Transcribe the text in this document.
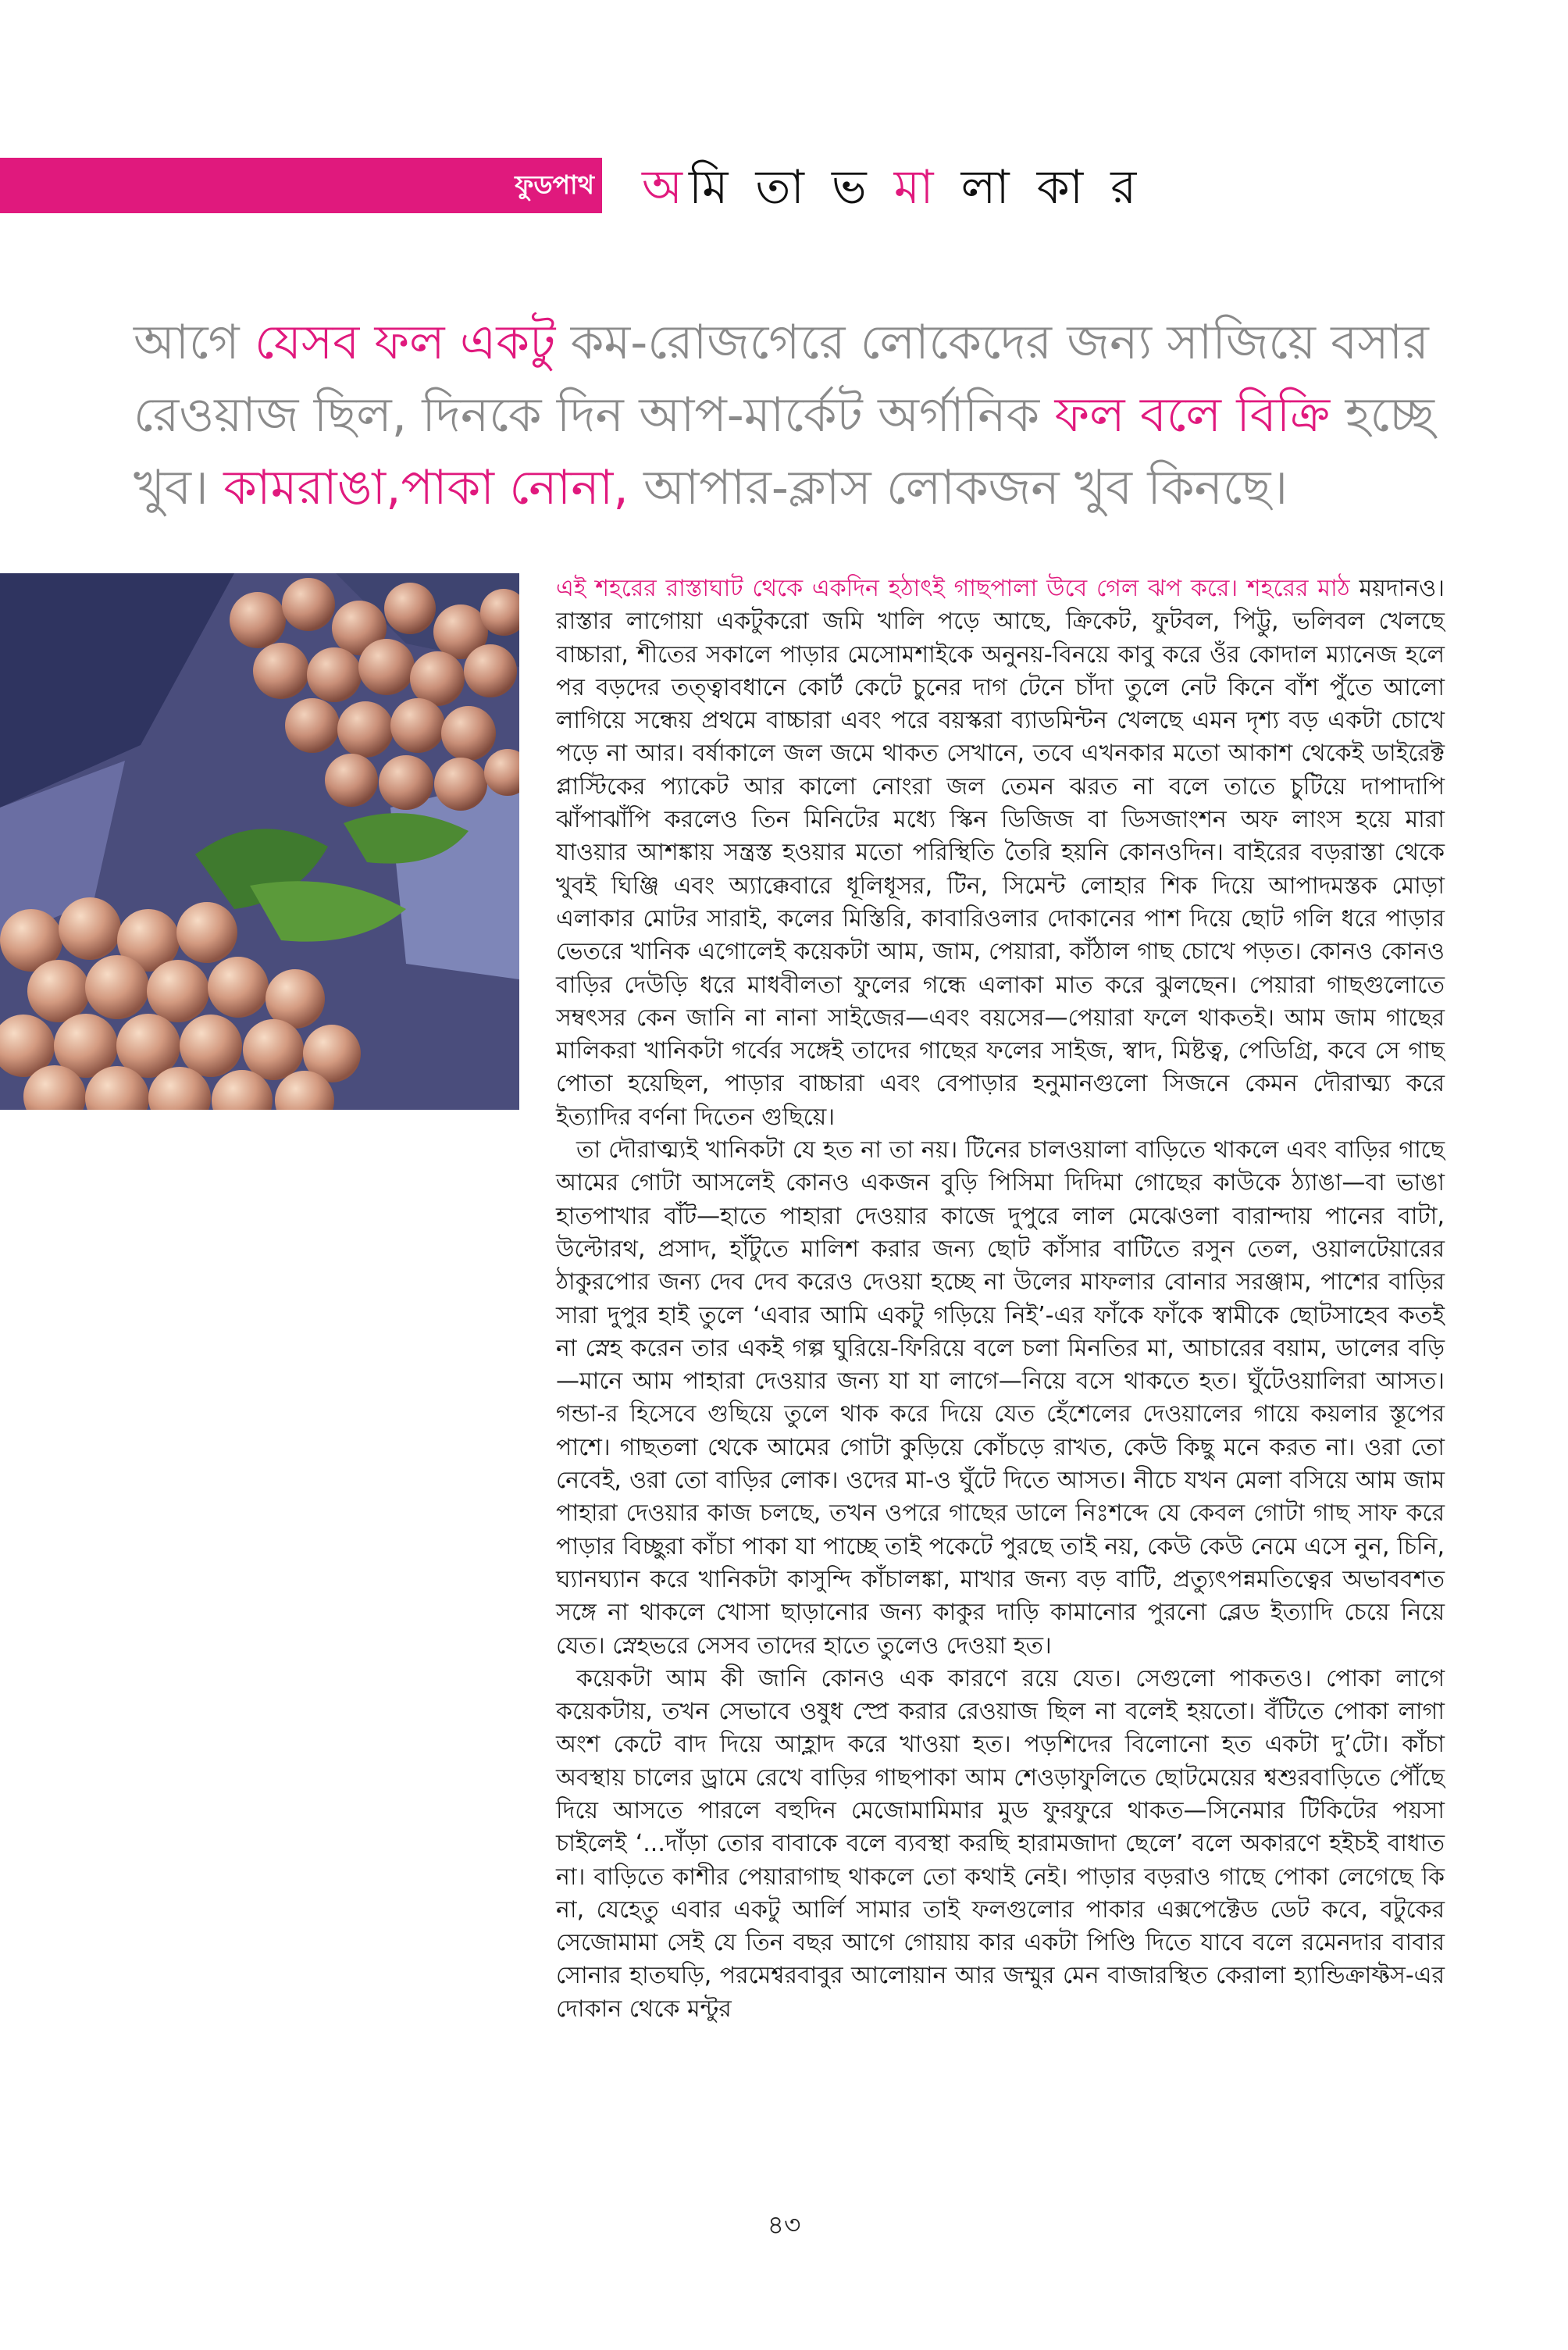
ফুডপাথ অমি তা ভ মা লা কা র
আগে যেসব ফল একটু কম-রোজগেরে লোকেদের জন্য সাজিয়ে বসার রেওয়াজ ছিল, দিনকে দিন আপ-মার্কেট অর্গানিক ফল বলে বিক্রি হচ্ছে খুব। কামরাঙা,পাকা নোনা, আপার-ক্লাস লোকজন খুব কিনছে।

এই শহরের রাস্তাঘাট থেকে একদিন হঠাৎই গাছপালা উবে গেল ঝপ করে। শহরের মাঠ ময়দানও। রাস্তার লাগোয়া একটুকরো জমি খালি পড়ে আছে, ক্রিকেট, ফুটবল, পিট্টু, ভলিবল খেলছে বাচ্চারা, শীতের সকালে পাড়ার মেসোমশাইকে অনুনয়-বিনয়ে কাবু করে ওঁর কোদাল ম্যানেজ হলে পর বড়দের তত্ত্বাবধানে কোর্ট কেটে চুনের দাগ টেনে চাঁদা তুলে নেট কিনে বাঁশ পুঁতে আলো লাগিয়ে সন্ধেয় প্রথমে বাচ্চারা এবং পরে বয়স্করা ব্যাডমিন্টন খেলছে এমন দৃশ্য বড় একটা চোখে পড়ে না আর। বর্ষাকালে জল জমে থাকত সেখানে, তবে এখনকার মতো আকাশ থেকেই ডাইরেক্ট প্লাস্টিকের প্যাকেট আর কালো নোংরা জল তেমন ঝরত না বলে তাতে চুটিয়ে দাপাদাপি ঝাঁপাঝাঁপি করলেও তিন মিনিটের মধ্যে স্কিন ডিজিজ বা ডিসজাংশন অফ লাংস হয়ে মারা যাওয়ার আশঙ্কায় সন্ত্রস্ত হওয়ার মতো পরিস্থিতি তৈরি হয়নি কোনওদিন। বাইরের বড়রাস্তা থেকে খুবই ঘিঞ্জি এবং অ্যাক্কেবারে ধূলিধূসর, টিন, সিমেন্ট লোহার শিক দিয়ে আপাদমস্তক মোড়া এলাকার মোটর সারাই, কলের মিস্তিরি, কাবারিওলার দোকানের পাশ দিয়ে ছোট গলি ধরে পাড়ার ভেতরে খানিক এগোলেই কয়েকটা আম, জাম, পেয়ারা, কাঁঠাল গাছ চোখে পড়ত। কোনও কোনও বাড়ির দেউড়ি ধরে মাধবীলতা ফুলের গন্ধে এলাকা মাত করে ঝুলছেন। পেয়ারা গাছগুলোতে সম্বৎসর কেন জানি না নানা সাইজের—এবং বয়সের—পেয়ারা ফলে থাকতই। আম জাম গাছের মালিকরা খানিকটা গর্বের সঙ্গেই তাদের গাছের ফলের সাইজ, স্বাদ, মিষ্টত্ব, পেডিগ্রি, কবে সে গাছ পোতা হয়েছিল, পাড়ার বাচ্চারা এবং বেপাড়ার হনুমানগুলো সিজনে কেমন দৌরাত্ম্য করে ইত্যাদির বর্ণনা দিতেন গুছিয়ে।

তা দৌরাত্ম্যই খানিকটা যে হত না তা নয়। টিনের চালওয়ালা বাড়িতে থাকলে এবং বাড়ির গাছে আমের গোটা আসলেই কোনও একজন বুড়ি পিসিমা দিদিমা গোছের কাউকে ঠ্যাঙা—বা ভাঙা হাতপাখার বাঁট—হাতে পাহারা দেওয়ার কাজে দুপুরে লাল মেঝেওলা বারান্দায় পানের বাটা, উল্টোরথ, প্রসাদ, হাঁটুতে মালিশ করার জন্য ছোট কাঁসার বাটিতে রসুন তেল, ওয়ালটেয়ারের ঠাকুরপোর জন্য দেব দেব করেও দেওয়া হচ্ছে না উলের মাফলার বোনার সরঞ্জাম, পাশের বাড়ির সারা দুপুর হাই তুলে ‘এবার আমি একটু গড়িয়ে নিই’-এর ফাঁকে ফাঁকে স্বামীকে ছোটসাহেব কতই না স্নেহ করেন তার একই গল্প ঘুরিয়ে-ফিরিয়ে বলে চলা মিনতির মা, আচারের বয়াম, ডালের বড়ি—মানে আম পাহারা দেওয়ার জন্য যা যা লাগে—নিয়ে বসে থাকতে হত। ঘুঁটেওয়ালিরা আসত। গন্ডা-র হিসেবে গুছিয়ে তুলে থাক করে দিয়ে যেত হেঁশেলের দেওয়ালের গায়ে কয়লার স্তূপের পাশে। গাছতলা থেকে আমের গোটা কুড়িয়ে কোঁচড়ে রাখত, কেউ কিছু মনে করত না। ওরা তো নেবেই, ওরা তো বাড়ির লোক। ওদের মা-ও ঘুঁটে দিতে আসত। নীচে যখন মেলা বসিয়ে আম জাম পাহারা দেওয়ার কাজ চলছে, তখন ওপরে গাছের ডালে নিঃশব্দে যে কেবল গোটা গাছ সাফ করে পাড়ার বিচ্ছুরা কাঁচা পাকা যা পাচ্ছে তাই পকেটে পুরছে তাই নয়, কেউ কেউ নেমে এসে নুন, চিনি, ঘ্যানঘ্যান করে খানিকটা কাসুন্দি কাঁচালঙ্কা, মাখার জন্য বড় বাটি, প্রত্যুৎপন্নমতিত্বের অভাববশত সঙ্গে না থাকলে খোসা ছাড়ানোর জন্য কাকুর দাড়ি কামানোর পুরনো ব্লেড ইত্যাদি চেয়ে নিয়ে যেত। স্নেহভরে সেসব তাদের হাতে তুলেও দেওয়া হত।

কয়েকটা আম কী জানি কোনও এক কারণে রয়ে যেত। সেগুলো পাকতও। পোকা লাগে কয়েকটায়, তখন সেভাবে ওষুধ স্প্রে করার রেওয়াজ ছিল না বলেই হয়তো। বঁটিতে পোকা লাগা অংশ কেটে বাদ দিয়ে আহ্লাদ করে খাওয়া হত। পড়শিদের বিলোনো হত একটা দু’টো। কাঁচা অবস্থায় চালের ড্রামে রেখে বাড়ির গাছপাকা আম শেওড়াফুলিতে ছোটমেয়ের শ্বশুরবাড়িতে পৌঁছে দিয়ে আসতে পারলে বহুদিন মেজোমামিমার মুড ফুরফুরে থাকত—সিনেমার টিকিটের পয়সা চাইলেই ‘...দাঁড়া তোর বাবাকে বলে ব্যবস্থা করছি হারামজাদা ছেলে’ বলে অকারণে হইচই বাধাত না। বাড়িতে কাশীর পেয়ারাগাছ থাকলে তো কথাই নেই। পাড়ার বড়রাও গাছে পোকা লেগেছে কি না, যেহেতু এবার একটু আর্লি সামার তাই ফলগুলোর পাকার এক্সপেক্টেড ডেট কবে, বটুকের সেজোমামা সেই যে তিন বছর আগে গোয়ায় কার একটা পিণ্ডি দিতে যাবে বলে রমেনদার বাবার সোনার হাতঘড়ি, পরমেশ্বরবাবুর আলোয়ান আর জম্মুর মেন বাজারস্থিত কেরালা হ্যান্ডিক্রাফ্টস-এর দোকান থেকে মন্টুর

৪৩
